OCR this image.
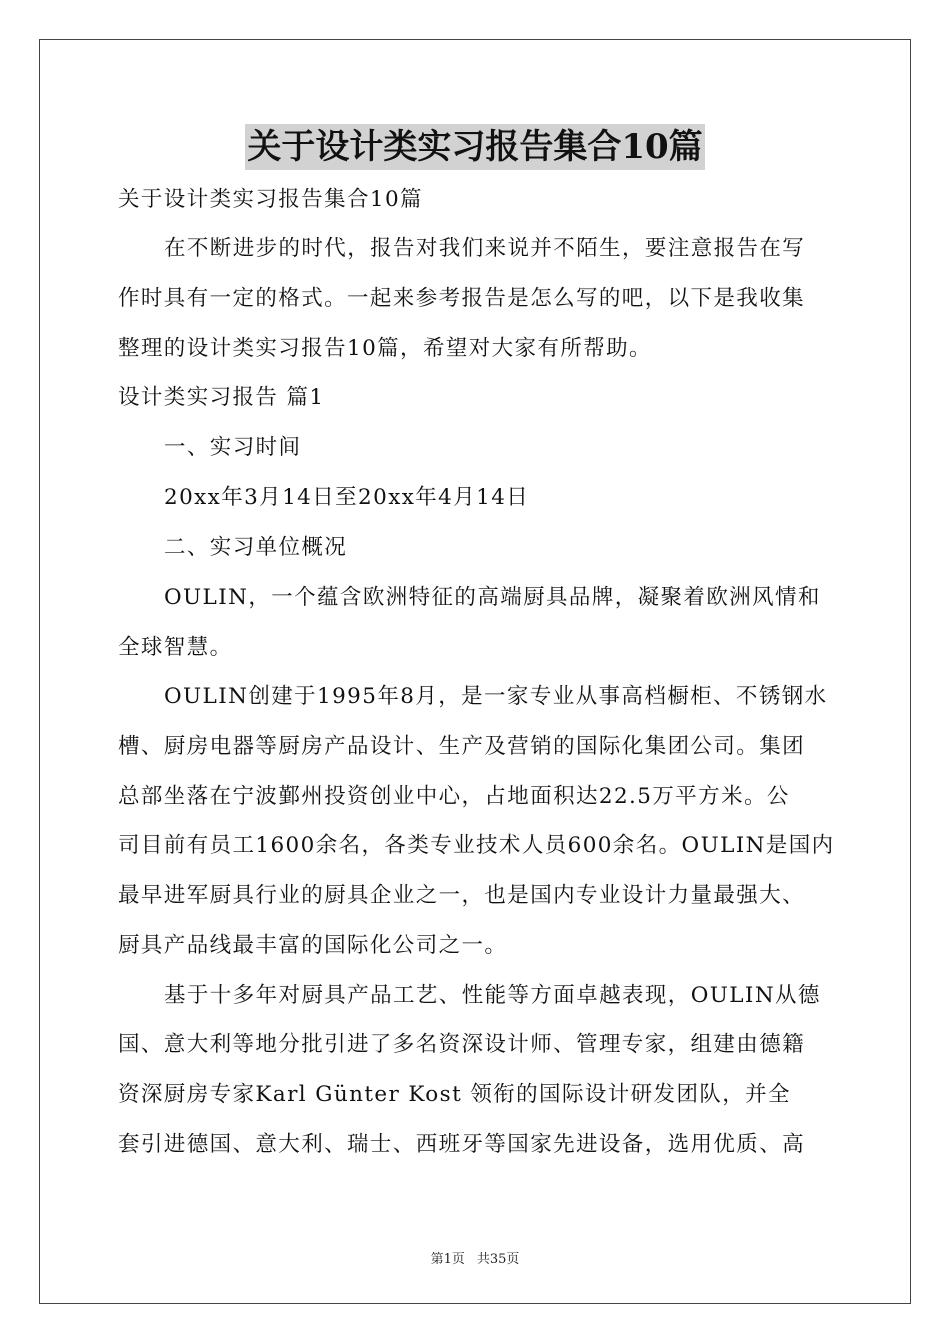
关于设计类实习报告集合10篇
关于设计类实习报告集合10篇
在不断进步的时代，报告对我们来说并不陌生，要注意报告在写
作时具有一定的格式。一起来参考报告是怎么写的吧，以下是我收集
整理的设计类实习报告10篇，希望对大家有所帮助。
设计类实习报告 篇1
一、实习时间
20xx年3月14日至20xx年4月14日
二、实习单位概况
OULIN，一个蕴含欧洲特征的高端厨具品牌，凝聚着欧洲风情和
全球智慧。
OULIN创建于1995年8月，是一家专业从事高档橱柜、不锈钢水
槽、厨房电器等厨房产品设计、生产及营销的国际化集团公司。集团
总部坐落在宁波鄞州投资创业中心，占地面积达22.5万平方米。公
司目前有员工1600余名，各类专业技术人员600余名。OULIN是国内
最早进军厨具行业的厨具企业之一，也是国内专业设计力量最强大、
厨具产品线最丰富的国际化公司之一。
基于十多年对厨具产品工艺、性能等方面卓越表现，OULIN从德
国、意大利等地分批引进了多名资深设计师、管理专家，组建由德籍
资深厨房专家Karl Günter Kost 领衔的国际设计研发团队，并全
套引进德国、意大利、瑞士、西班牙等国家先进设备，选用优质、高
第1页 共35页
